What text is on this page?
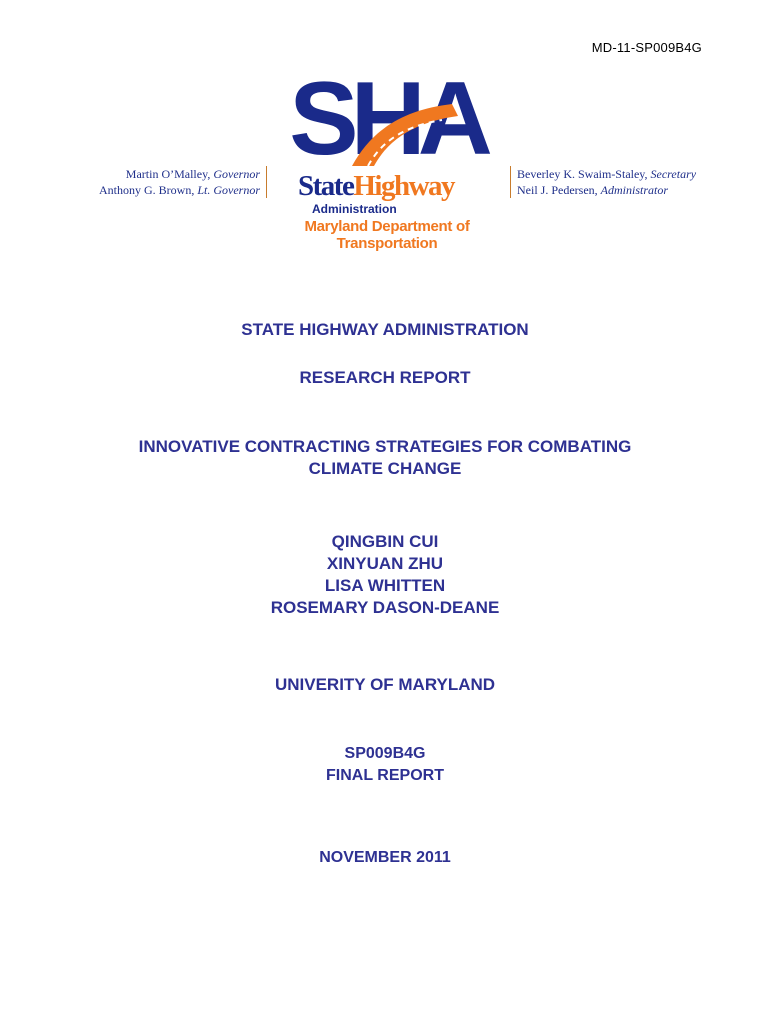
MD-11-SP009B4G
Martin O’Malley, Governor
Anthony G. Brown, Lt. Governor
SHA
StateHighway
Administration
Maryland Department of Transportation
Beverley K. Swaim-Staley, Secretary
Neil J. Pedersen, Administrator

STATE HIGHWAY ADMINISTRATION

RESEARCH REPORT

INNOVATIVE CONTRACTING STRATEGIES FOR COMBATING

CLIMATE CHANGE

QINGBIN CUI

XINYUAN ZHU

LISA WHITTEN

ROSEMARY DASON-DEANE

UNIVERITY OF MARYLAND

SP009B4G

FINAL REPORT

NOVEMBER 2011
